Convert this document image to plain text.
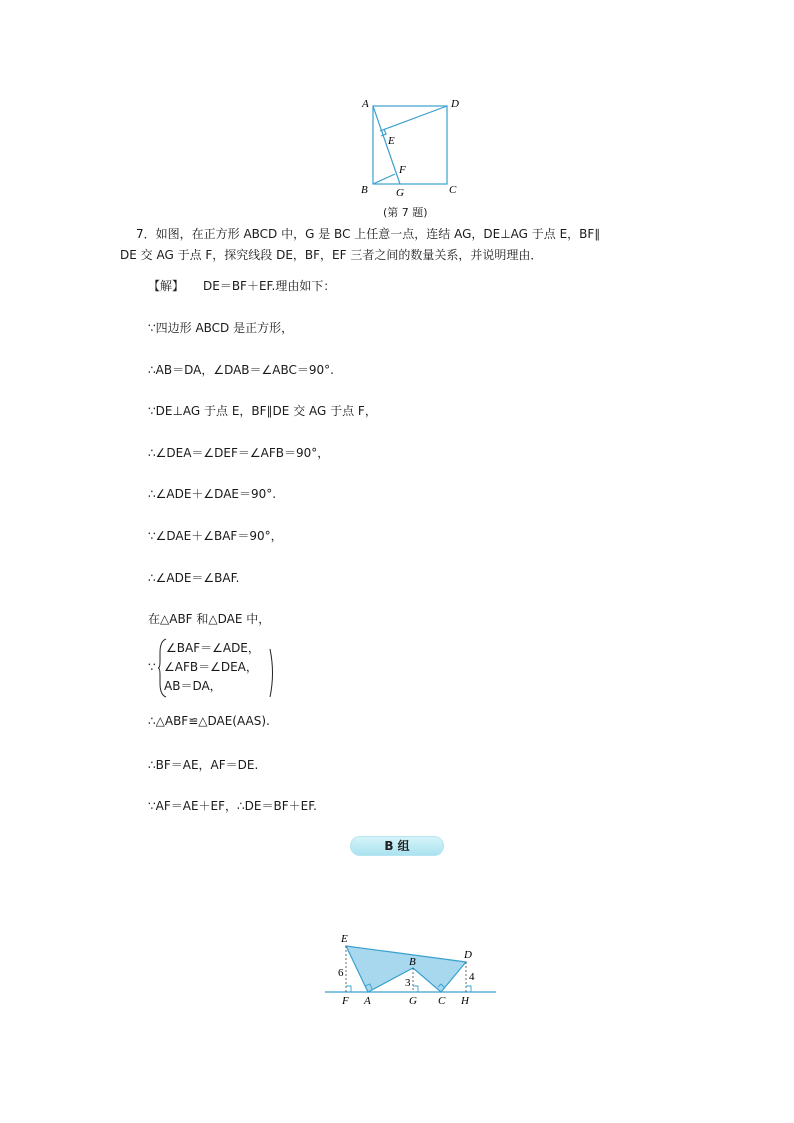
A	D
E
F
B	G	C
(第 7 题)
7．如图，在正方形 ABCD 中，G 是 BC 上任意一点，连结 AG，DE⊥AG 于点 E，BF∥
DE 交 AG 于点 F，探究线段 DE，BF，EF 三者之间的数量关系，并说明理由．
【解】 DE＝BF＋EF.理由如下：
∵四边形 ABCD 是正方形，
∴AB＝DA，∠DAB＝∠ABC＝90°.
∵DE⊥AG 于点 E，BF∥DE 交 AG 于点 F，
∴∠DEA＝∠DEF＝∠AFB＝90°，
∴∠ADE＋∠DAE＝90°.
∵∠DAE＋∠BAF＝90°，
∴∠ADE＝∠BAF.
在△ABF 和△DAE 中，
∵
∠BAF＝∠ADE，
∠AFB＝∠DEA，
AB＝DA，
∴△ABF≌△DAE(AAS).
∴BF＝AE，AF＝DE.
∵AF＝AE＋EF，∴DE＝BF＋EF.
B 组
E
D
B
F A	G C H
6
3	4
